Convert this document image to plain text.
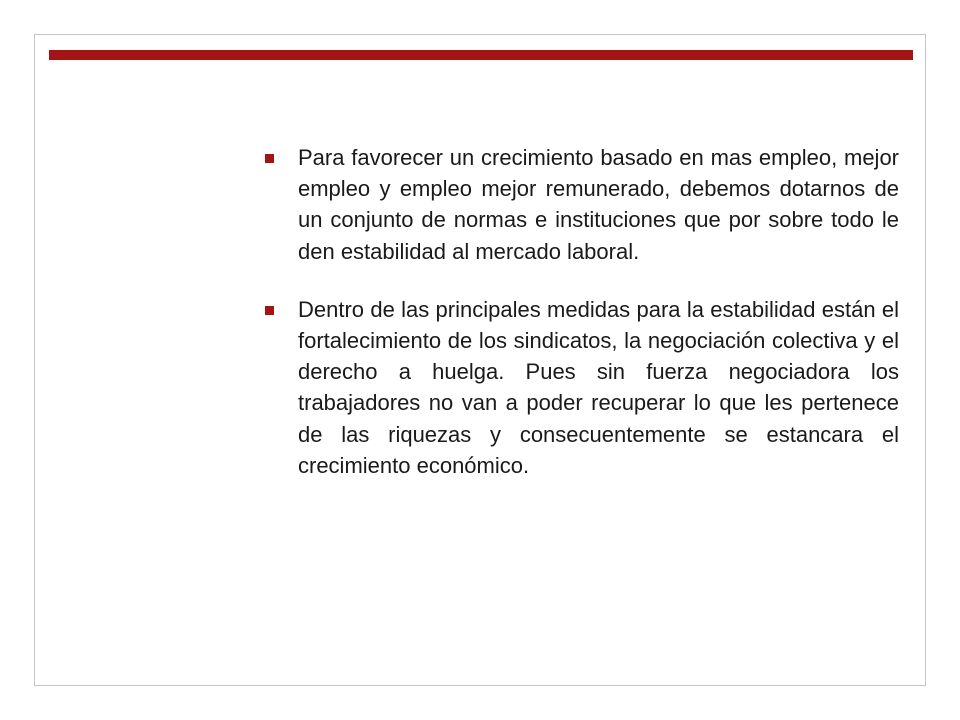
Para favorecer un crecimiento basado en mas empleo, mejor empleo y empleo mejor remunerado, debemos dotarnos de un conjunto de normas e instituciones que por sobre todo le den estabilidad al mercado laboral.

Dentro de las principales medidas para la estabilidad están el fortalecimiento de los sindicatos, la negociación colectiva y el derecho a huelga. Pues sin fuerza negociadora los trabajadores no van a poder recuperar lo que les pertenece de las riquezas y consecuentemente se estancara el crecimiento económico.
